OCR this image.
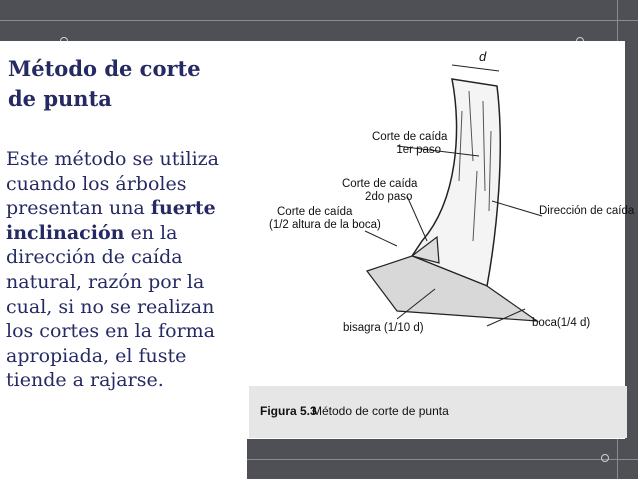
Método de corte
de punta
Este método se utiliza cuando los árboles presentan una fuerte
inclinación en la dirección de caída natural, razón por la cual, si no se realizan los cortes en la forma apropiada, el fuste tiende a rajarse.
d
Corte de caída
1er paso
Corte de caída
2do paso
Corte de caída
(1/2 altura de la boca)
Dirección de caída
bisagra (1/10 d)	boca(1/4 d)
Figura 5.3
Método de corte de punta
